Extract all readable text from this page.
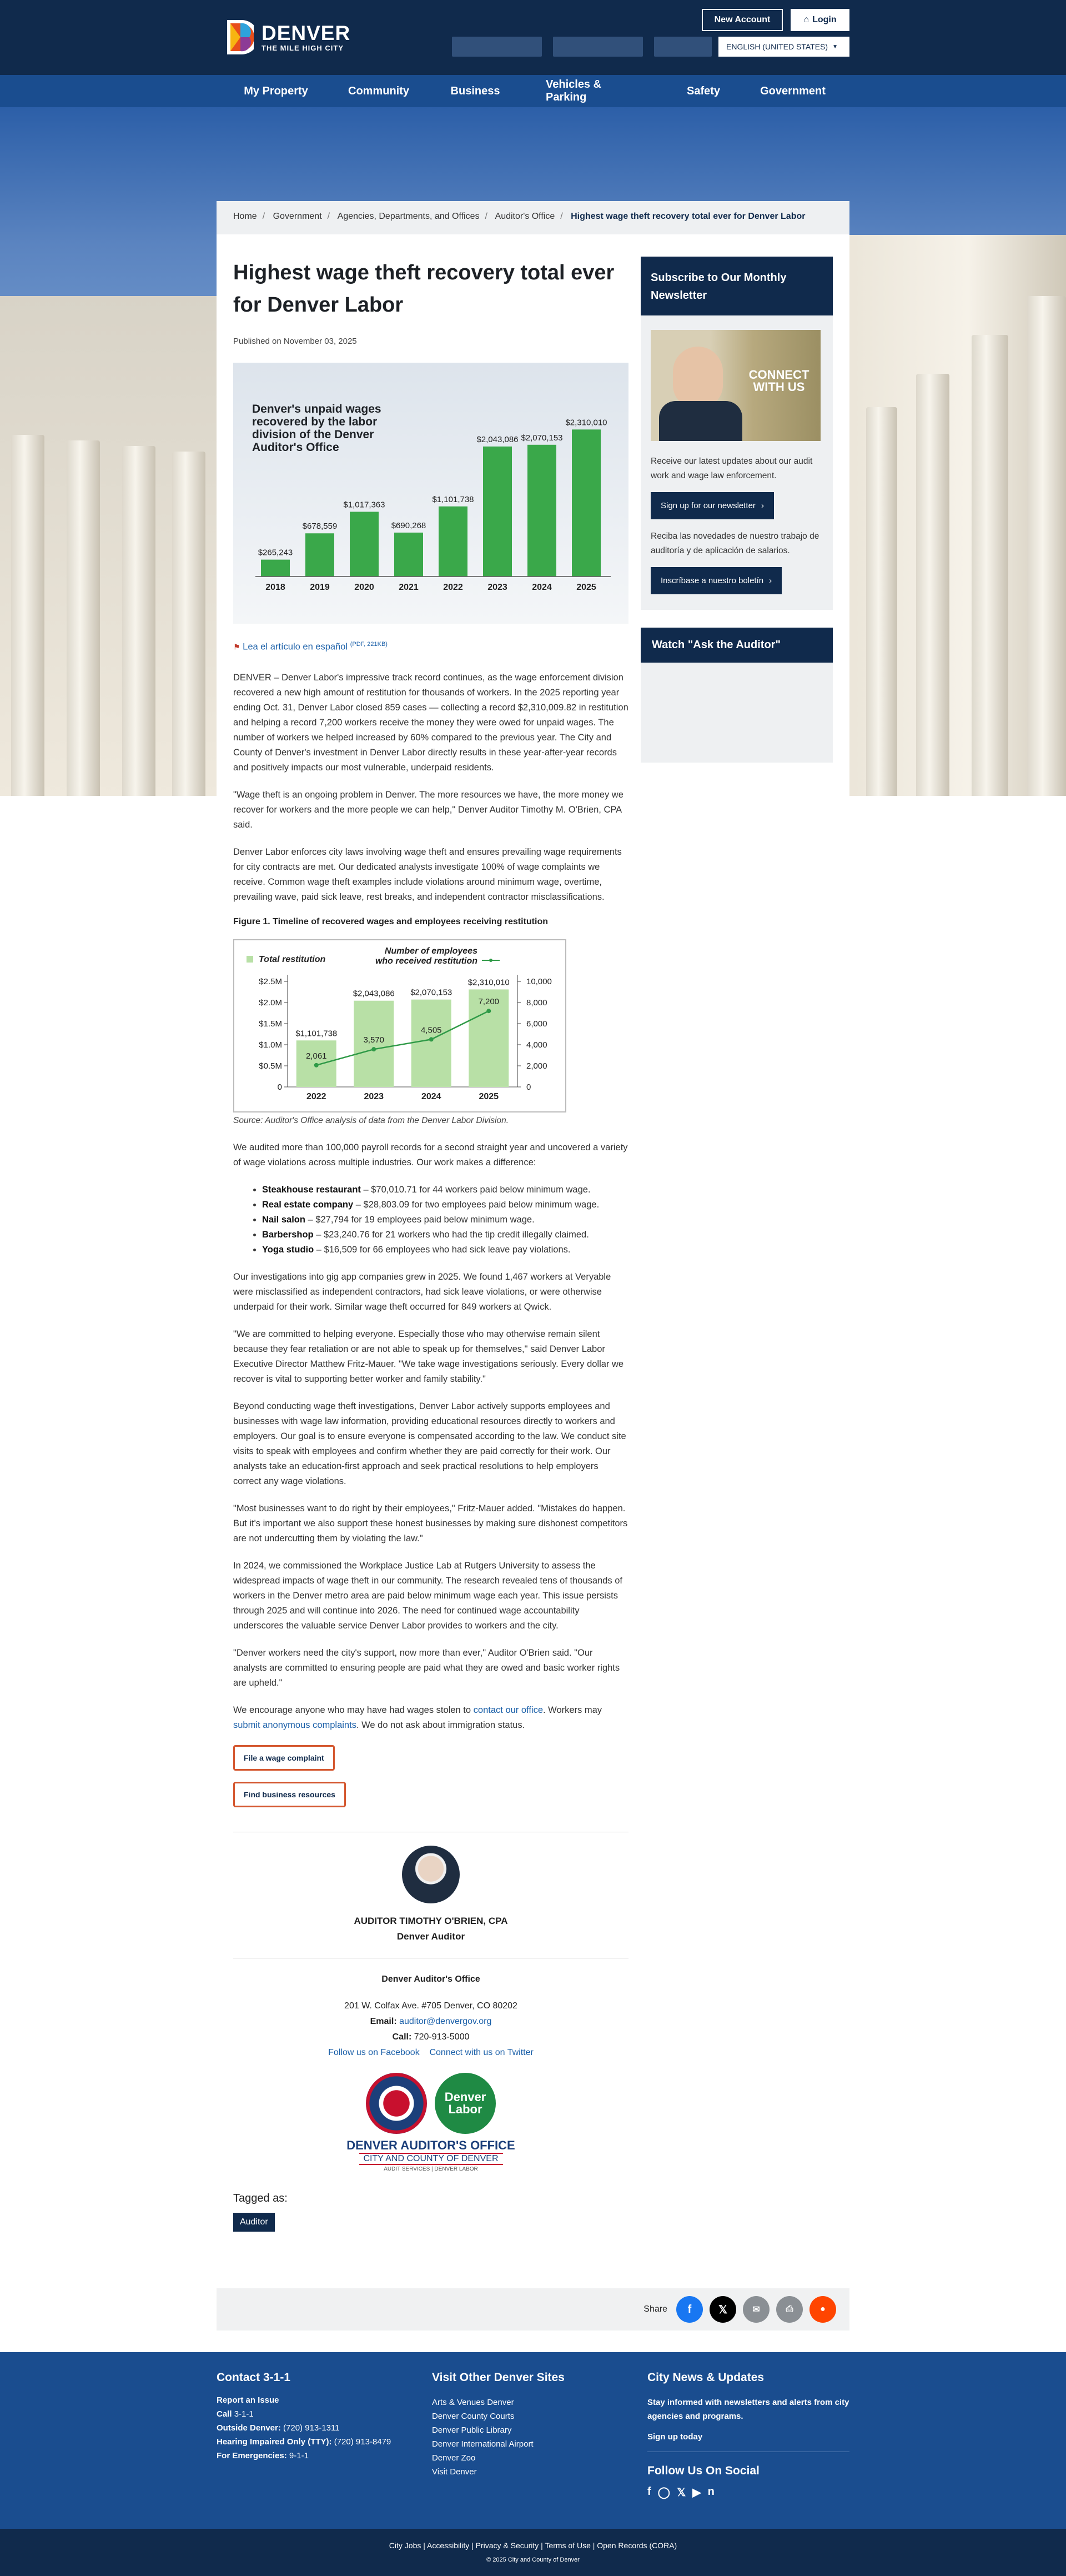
DENVER
THE MILE HIGH CITY
New Account	⌂ Login
ENGLISH (UNITED STATES) ▼
My Property	Community	Business
Vehicles & Parking
Safety	Government
Explore our site
Home / Government / Agencies, Departments, and Offices / Auditor's Office / Highest wage theft recovery total ever for Denver Labor
Highest wage theft recovery total ever for Denver Labor
Published on November 03, 2025
Denver's unpaid wages recovered by the labor division of the Denver Auditor's Office
$265,243
2018
$678,559
2019
$1,017,363
2020
$690,268
2021
$1,101,738
2022
$2,043,086
2023
$2,070,153
2024
$2,310,010
2025
⚑ Lea el artículo en español $^{(PDF, 221KB)}$
DENVER – Denver Labor's impressive track record continues, as the wage enforcement division recovered a new high amount of restitution for thousands of workers. In the 2025 reporting year ending Oct. 31, Denver Labor closed 859 cases — collecting a record $2,310,009.82 in restitution and helping a record 7,200 workers receive the money they were owed for unpaid wages. The number of workers we helped increased by 60% compared to the previous year. The City and County of Denver's investment in Denver Labor directly results in these year-after-year records and positively impacts our most vulnerable, underpaid residents.
"Wage theft is an ongoing problem in Denver. The more resources we have, the more money we recover for workers and the more people we can help," Denver Auditor Timothy M. O'Brien, CPA said.
Denver Labor enforces city laws involving wage theft and ensures prevailing wage requirements for city contracts are met. Our dedicated analysts investigate 100% of wage complaints we receive. Common wage theft examples include violations around minimum wage, overtime, prevailing wave, paid sick leave, rest breaks, and independent contractor misclassifications.
Figure 1. Timeline of recovered wages and employees receiving restitution
Total restitution
Number of employees
who received restitution
0
$0.5M
$1.0M
$1.5M
$2.0M
$2.5M
0
2,000
4,000
6,000
8,000
10,000
$1,101,738
2022
$2,043,086
2023
$2,070,153
2024
$2,310,010
2025
2,061
3,570
4,505
7,200
Source: Auditor's Office analysis of data from the Denver Labor Division.
We audited more than 100,000 payroll records for a second straight year and uncovered a variety of wage violations across multiple industries. Our work makes a difference:
• Steakhouse restaurant – $70,010.71 for 44 workers paid below minimum wage.
• Real estate company – $28,803.09 for two employees paid below minimum wage.
• Nail salon – $27,794 for 19 employees paid below minimum wage.
• Barbershop – $23,240.76 for 21 workers who had the tip credit illegally claimed.
• Yoga studio – $16,509 for 66 employees who had sick leave pay violations.
Our investigations into gig app companies grew in 2025. We found 1,467 workers at Veryable were misclassified as independent contractors, had sick leave violations, or were otherwise underpaid for their work. Similar wage theft occurred for 849 workers at Qwick.
"We are committed to helping everyone. Especially those who may otherwise remain silent because they fear retaliation or are not able to speak up for themselves," said Denver Labor Executive Director Matthew Fritz-Mauer. "We take wage investigations seriously. Every dollar we recover is vital to supporting better worker and family stability."
Beyond conducting wage theft investigations, Denver Labor actively supports employees and businesses with wage law information, providing educational resources directly to workers and employers. Our goal is to ensure everyone is compensated according to the law. We conduct site visits to speak with employees and confirm whether they are paid correctly for their work. Our analysts take an education-first approach and seek practical resolutions to help employers correct any wage violations.
"Most businesses want to do right by their employees," Fritz-Mauer added. "Mistakes do happen. But it's important we also support these honest businesses by making sure dishonest competitors are not undercutting them by violating the law."
In 2024, we commissioned the Workplace Justice Lab at Rutgers University to assess the widespread impacts of wage theft in our community. The research revealed tens of thousands of workers in the Denver metro area are paid below minimum wage each year. This issue persists through 2025 and will continue into 2026. The need for continued wage accountability underscores the valuable service Denver Labor provides to workers and the city.
"Denver workers need the city's support, now more than ever," Auditor O'Brien said. "Our analysts are committed to ensuring people are paid what they are owed and basic worker rights are upheld."
We encourage anyone who may have had wages stolen to contact our office. Workers may submit anonymous complaints. We do not ask about immigration status.
File a wage complaint
Find business resources
AUDITOR TIMOTHY O'BRIEN, CPA
Denver Auditor
Denver Auditor's Office
201 W. Colfax Ave. #705 Denver, CO 80202
Email: auditor@denvergov.org
Call: 720-913-5000
Follow us on Facebook Connect with us on Twitter
Denver Labor
DENVER AUDITOR'S OFFICE
CITY AND COUNTY OF DENVER
AUDIT SERVICES | DENVER LABOR
Tagged as:
Auditor
Subscribe to Our Monthly Newsletter
CONNECT WITH US
Receive our latest updates about our audit work and wage law enforcement.
Sign up for our newsletter ›
Reciba las novedades de nuestro trabajo de auditoría y de aplicación de salarios.
Inscríbase a nuestro boletín ›
Watch "Ask the Auditor"
Share	f	𝕏	✉	⎙	●
Contact 3-1-1
Report an Issue
Call 3-1-1
Outside Denver: (720) 913-1311
Hearing Impaired Only (TTY): (720) 913-8479
For Emergencies: 9-1-1
Visit Other Denver Sites
Arts & Venues Denver
Denver County Courts
Denver Public Library
Denver International Airport
Denver Zoo
Visit Denver
City News & Updates
Stay informed with newsletters and alerts from city agencies and programs.
Sign up today
Follow Us On Social
f ◯ 𝕏 ▶ n
City Jobs | Accessibility | Privacy & Security | Terms of Use | Open Records (CORA)
© 2025 City and County of Denver
